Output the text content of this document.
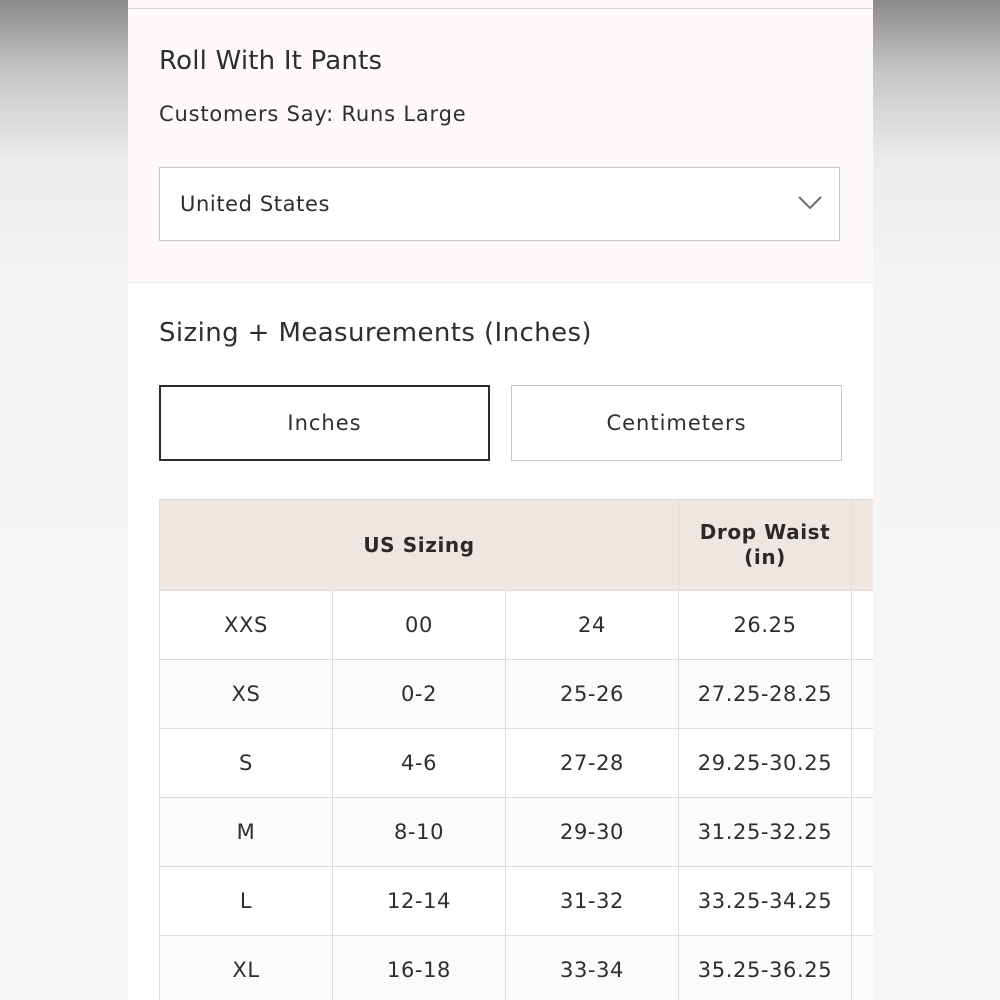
Roll With It Pants
Customers Say: Runs Large
United States
Sizing + Measurements (Inches)
Inches	Centimeters
US Sizing			Drop Waist
(in)	
XXS	00	24	26.25	
XS	0-2	25-26	27.25-28.25	
S	4-6	27-28	29.25-30.25	
M	8-10	29-30	31.25-32.25	
L	12-14	31-32	33.25-34.25	
XL	16-18	33-34	35.25-36.25	
